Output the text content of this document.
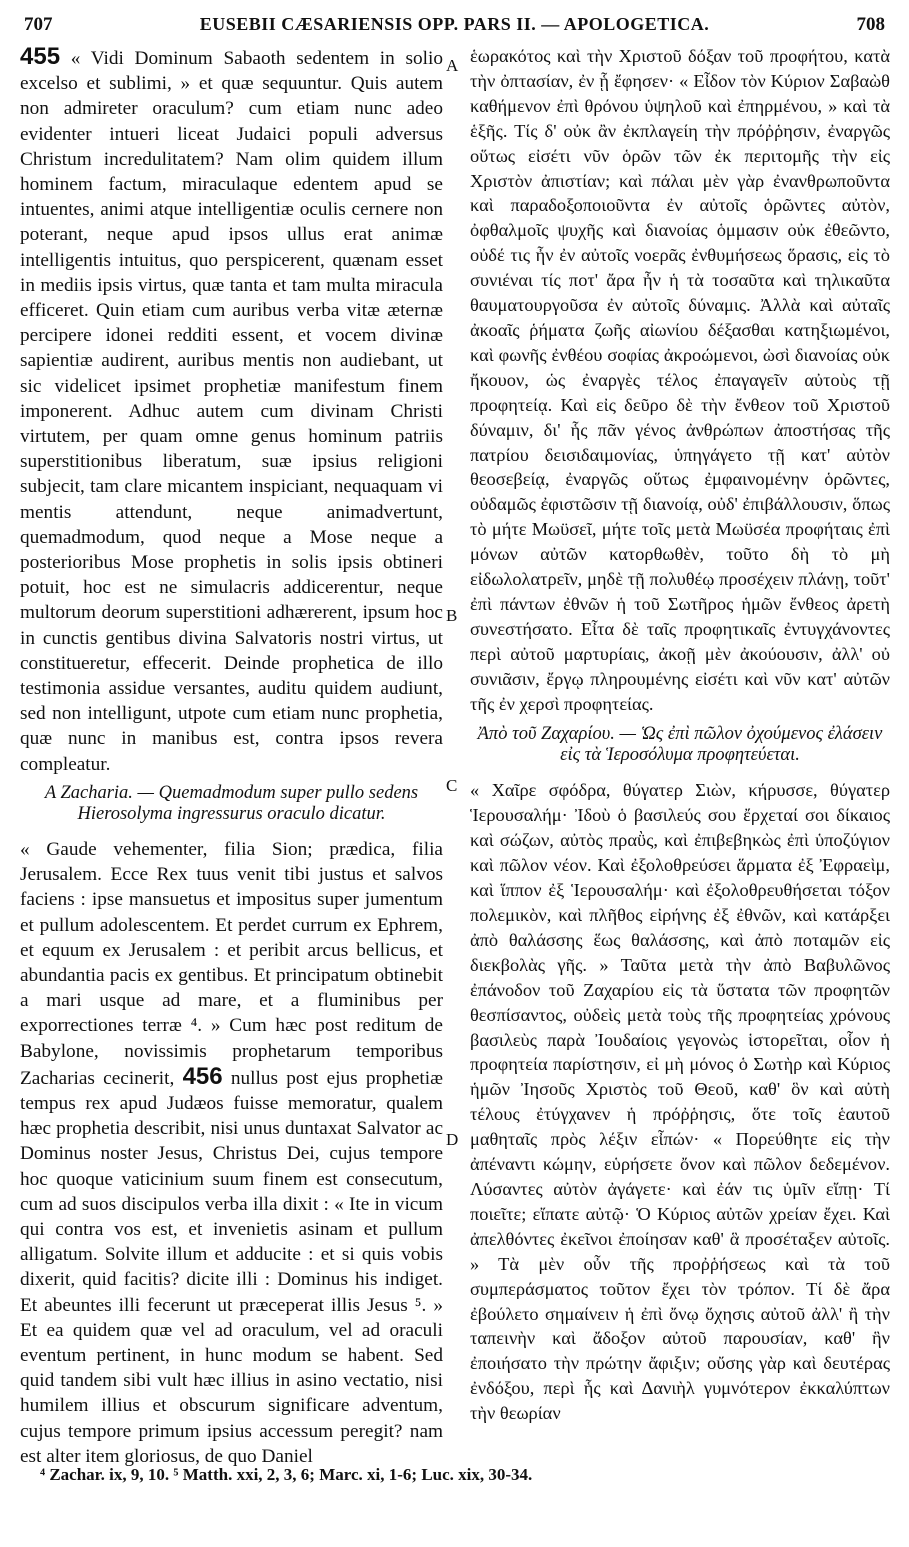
707	EUSEBII CÆSARIENSIS OPP. PARS II. — APOLOGETICA.	708
A
B
C
D

455 « Vidi Dominum Sabaoth sedentem in solio excelso et sublimi, » et quæ sequuntur. Quis autem non admireter oraculum? cum etiam nunc adeo evidenter intueri liceat Judaici populi adversus Christum incredulitatem? Nam olim quidem illum hominem factum, miraculaque edentem apud se intuentes, animi atque intelligentiæ oculis cernere non poterant, neque apud ipsos ullus erat animæ intelligentis intuitus, quo perspicerent, quænam esset in mediis ipsis virtus, quæ tanta et tam multa miracula efficeret. Quin etiam cum auribus verba vitæ æternæ percipere idonei redditi essent, et vocem divinæ sapientiæ audirent, auribus mentis non audiebant, ut sic videlicet ipsimet prophetiæ manifestum finem imponerent. Adhuc autem cum divinam Christi virtutem, per quam omne genus hominum patriis superstitionibus liberatum, suæ ipsius religioni subjecit, tam clare micantem inspiciant, nequaquam vi mentis attendunt, neque animadvertunt, quemadmodum, quod neque a Mose neque a posterioribus Mose prophetis in solis ipsis obtineri potuit, hoc est ne simulacris addicerentur, neque multorum deorum superstitioni adhærerent, ipsum hoc in cunctis gentibus divina Salvatoris nostri virtus, ut constitueretur, effecerit. Deinde prophetica de illo testimonia assidue versantes, auditu quidem audiunt, sed non intelligunt, utpote cum etiam nunc prophetia, quæ nunc in manibus est, contra ipsos revera compleatur.

A Zacharia. — Quemadmodum super pullo sedens Hierosolyma ingressurus oraculo dicatur.

« Gaude vehementer, filia Sion; prædica, filia Jerusalem. Ecce Rex tuus venit tibi justus et salvos faciens : ipse mansuetus et impositus super jumentum et pullum adolescentem. Et perdet currum ex Ephrem, et equum ex Jerusalem : et peribit arcus bellicus, et abundantia pacis ex gentibus. Et principatum obtinebit a mari usque ad mare, et a fluminibus per exporrectiones terræ ⁴. » Cum hæc post reditum de Babylone, novissimis prophetarum temporibus Zacharias cecinerit, 456 nullus post ejus prophetiæ tempus rex apud Judæos fuisse memoratur, qualem hæc prophetia describit, nisi unus duntaxat Salvator ac Dominus noster Jesus, Christus Dei, cujus tempore hoc quoque vaticinium suum finem est consecutum, cum ad suos discipulos verba illa dixit : « Ite in vicum qui contra vos est, et invenietis asinam et pullum alligatum. Solvite illum et adducite : et si quis vobis dixerit, quid facitis? dicite illi : Dominus his indiget. Et abeuntes illi fecerunt ut præceperat illis Jesus ⁵. » Et ea quidem quæ vel ad oraculum, vel ad oraculi eventum pertinent, in hunc modum se habent. Sed quid tandem sibi vult hæc illius in asino vectatio, nisi humilem illius et obscurum significare adventum, cujus tempore primum ipsius accessum peregit? nam est alter item gloriosus, de quo Daniel

ἑωρακότος καὶ τὴν Χριστοῦ δόξαν τοῦ προφήτου, κατὰ τὴν ὀπτασίαν, ἐν ᾗ ἔφησεν· « Εἶδον τὸν Κύριον Σαβαὼθ καθήμενον ἐπὶ θρόνου ὑψηλοῦ καὶ ἐπηρμένου, » καὶ τὰ ἑξῆς. Τίς δ' οὐκ ἂν ἐκπλαγείη τὴν πρόῤῥησιν, ἐναργῶς οὕτως εἰσέτι νῦν ὁρῶν τῶν ἐκ περιτομῆς τὴν εἰς Χριστὸν ἀπιστίαν; καὶ πάλαι μὲν γὰρ ἐνανθρωποῦντα καὶ παραδοξοποιοῦντα ἐν αὐτοῖς ὁρῶντες αὐτὸν, ὀφθαλμοῖς ψυχῆς καὶ διανοίας ὁμμασιν οὐκ ἐθεῶντο, οὐδέ τις ἦν ἐν αὐτοῖς νοερᾶς ἐνθυμήσεως ὅρασις, εἰς τὸ συνιέναι τίς ποτ' ἄρα ἦν ἡ τὰ τοσαῦτα καὶ τηλικαῦτα θαυματουργοῦσα ἐν αὐτοῖς δύναμις. Ἀλλὰ καὶ αὐταῖς ἀκοαῖς ῥήματα ζωῆς αἰωνίου δέξασθαι κατηξιωμένοι, καὶ φωνῆς ἐνθέου σοφίας ἀκροώμενοι, ὠσὶ διανοίας οὐκ ἤκουον, ὡς ἐναργὲς τέλος ἐπαγαγεῖν αὐτοὺς τῇ προφητείᾳ. Καὶ εἰς δεῦρο δὲ τὴν ἔνθεον τοῦ Χριστοῦ δύναμιν, δι' ἧς πᾶν γένος ἀνθρώπων ἀποστήσας τῆς πατρίου δεισιδαιμονίας, ὑπηγάγετο τῇ κατ' αὐτὸν θεοσεβείᾳ, ἐναργῶς οὕτως ἐμφαινομένην ὁρῶντες, οὐδαμῶς ἐφιστῶσιν τῇ διανοίᾳ, οὐδ' ἐπιβάλλουσιν, ὅπως τὸ μήτε Μωϋσεῖ, μήτε τοῖς μετὰ Μωϋσέα προφήταις ἐπὶ μόνων αὐτῶν κατορθωθὲν, τοῦτο δὴ τὸ μὴ εἰδωλολατρεῖν, μηδὲ τῇ πολυθέῳ προσέχειν πλάνῃ, τοῦτ' ἐπὶ πάντων ἐθνῶν ἡ τοῦ Σωτῆρος ἡμῶν ἔνθεος ἀρετὴ συνεστήσατο. Εἶτα δὲ ταῖς προφητικαῖς ἐντυγχάνοντες περὶ αὐτοῦ μαρτυρίαις, ἀκοῇ μὲν ἀκούουσιν, ἀλλ' οὐ συνιᾶσιν, ἔργῳ πληρουμένης εἰσέτι καὶ νῦν κατ' αὐτῶν τῆς ἐν χερσὶ προφητείας.

Ἀπὸ τοῦ Ζαχαρίου. — Ὡς ἐπὶ πῶλον ὀχούμενος ἐλάσειν εἰς τὰ Ἱεροσόλυμα προφητεύεται.

« Χαῖρε σφόδρα, θύγατερ Σιὼν, κήρυσσε, θύγατερ Ἱερουσαλήμ· Ἰδοὺ ὁ βασιλεύς σου ἔρχεταί σοι δίκαιος καὶ σώζων, αὐτὸς πραῢς, καὶ ἐπιβεβηκὼς ἐπὶ ὑποζύγιον καὶ πῶλον νέον. Καὶ ἐξολοθρεύσει ἅρματα ἐξ Ἐφραεὶμ, καὶ ἵππον ἐξ Ἱερουσαλήμ· καὶ ἐξολοθρευθήσεται τόξον πολεμικὸν, καὶ πλῆθος εἰρήνης ἐξ ἐθνῶν, καὶ κατάρξει ἀπὸ θαλάσσης ἕως θαλάσσης, καὶ ἀπὸ ποταμῶν εἰς διεκβολὰς γῆς. » Ταῦτα μετὰ τὴν ἀπὸ Βαβυλῶνος ἐπάνοδον τοῦ Ζαχαρίου εἰς τὰ ὕστατα τῶν προφητῶν θεσπίσαντος, οὐδεὶς μετὰ τοὺς τῆς προφητείας χρόνους βασιλεὺς παρὰ Ἰουδαίοις γεγονὼς ἱστορεῖται, οἷον ἡ προφητεία παρίστησιν, εἰ μὴ μόνος ὁ Σωτὴρ καὶ Κύριος ἡμῶν Ἰησοῦς Χριστὸς τοῦ Θεοῦ, καθ' ὃν καὶ αὐτὴ τέλους ἐτύγχανεν ἡ πρόῤῥησις, ὅτε τοῖς ἑαυτοῦ μαθηταῖς πρὸς λέξιν εἶπών· « Πορεύθητε εἰς τὴν ἀπέναντι κώμην, εὑρήσετε ὄνον καὶ πῶλον δεδεμένον. Λύσαντες αὐτὸν ἀγάγετε· καὶ ἐάν τις ὑμῖν εἴπῃ· Τί ποιεῖτε; εἴπατε αὐτῷ· Ὁ Κύριος αὐτῶν χρείαν ἔχει. Καὶ ἀπελθόντες ἐκεῖνοι ἐποίησαν καθ' ἃ προσέταξεν αὐτοῖς. » Τὰ μὲν οὖν τῆς προῤῥήσεως καὶ τὰ τοῦ συμπεράσματος τοῦτον ἔχει τὸν τρόπον. Τί δὲ ἄρα ἐβούλετο σημαίνειν ἡ ἐπὶ ὄνῳ ὄχησις αὐτοῦ ἀλλ' ἢ τὴν ταπεινὴν καὶ ἄδοξον αὐτοῦ παρουσίαν, καθ' ἣν ἐποιήσατο τὴν πρώτην ἄφιξιν; οὔσης γὰρ καὶ δευτέρας ἐνδόξου, περὶ ἧς καὶ Δανιὴλ γυμνότερον ἐκκαλύπτων τὴν θεωρίαν

⁴ Zachar. ix, 9, 10. ⁵ Matth. xxi, 2, 3, 6; Marc. xi, 1-6; Luc. xix, 30-34.
